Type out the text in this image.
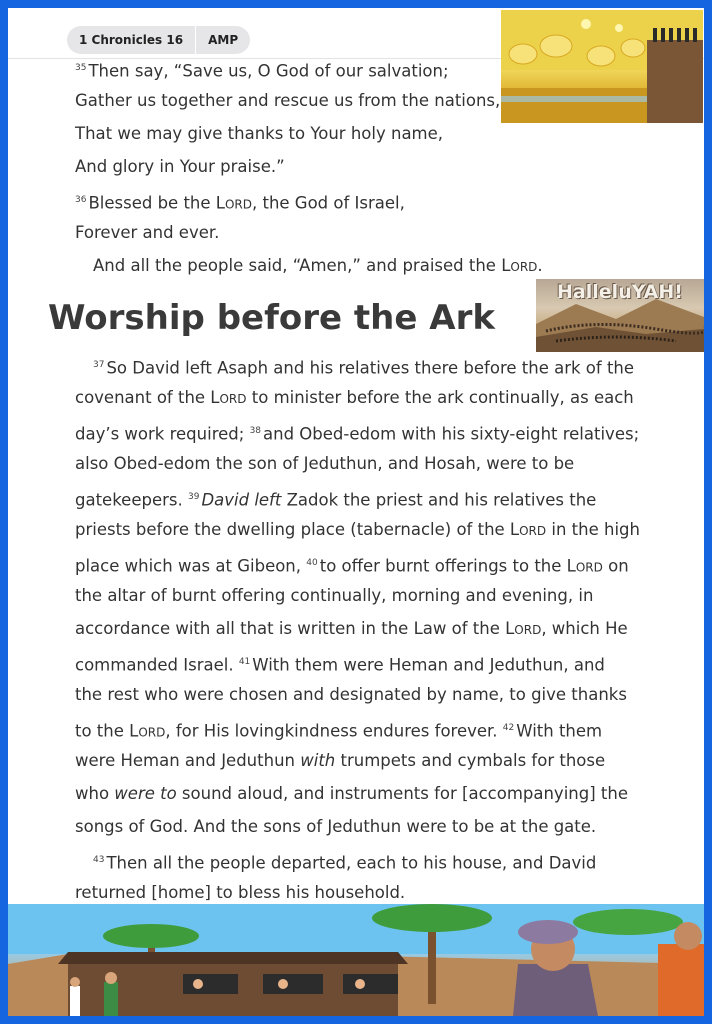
1 Chronicles 16	AMP
$^{35}$ Then say, “Save us, O God of our salvation;
Gather us together and rescue us from the nations,
That we may give thanks to Your holy name,
And glory in Your praise.”
$^{36}$ Blessed be the Lord, the God of Israel,
Forever and ever.
And all the people said, “Amen,” and praised the Lord.
Worship before the Ark
HalleluYAH!
$^{37}$ So David left Asaph and his relatives there before the ark of the
covenant of the Lord to minister before the ark continually, as each
day’s work required; $^{38}$ and Obed-edom with his sixty-eight relatives;
also Obed-edom the son of Jeduthun, and Hosah, were to be
gatekeepers. $^{39}$ David left Zadok the priest and his relatives the
priests before the dwelling place (tabernacle) of the Lord in the high
place which was at Gibeon, $^{40}$ to offer burnt offerings to the Lord on
the altar of burnt offering continually, morning and evening, in
accordance with all that is written in the Law of the Lord, which He
commanded Israel. $^{41}$ With them were Heman and Jeduthun, and
the rest who were chosen and designated by name, to give thanks
to the Lord, for His lovingkindness endures forever. $^{42}$ With them
were Heman and Jeduthun with trumpets and cymbals for those
who were to sound aloud, and instruments for [accompanying] the
songs of God. And the sons of Jeduthun were to be at the gate.
$^{43}$ Then all the people departed, each to his house, and David
returned [home] to bless his household.
